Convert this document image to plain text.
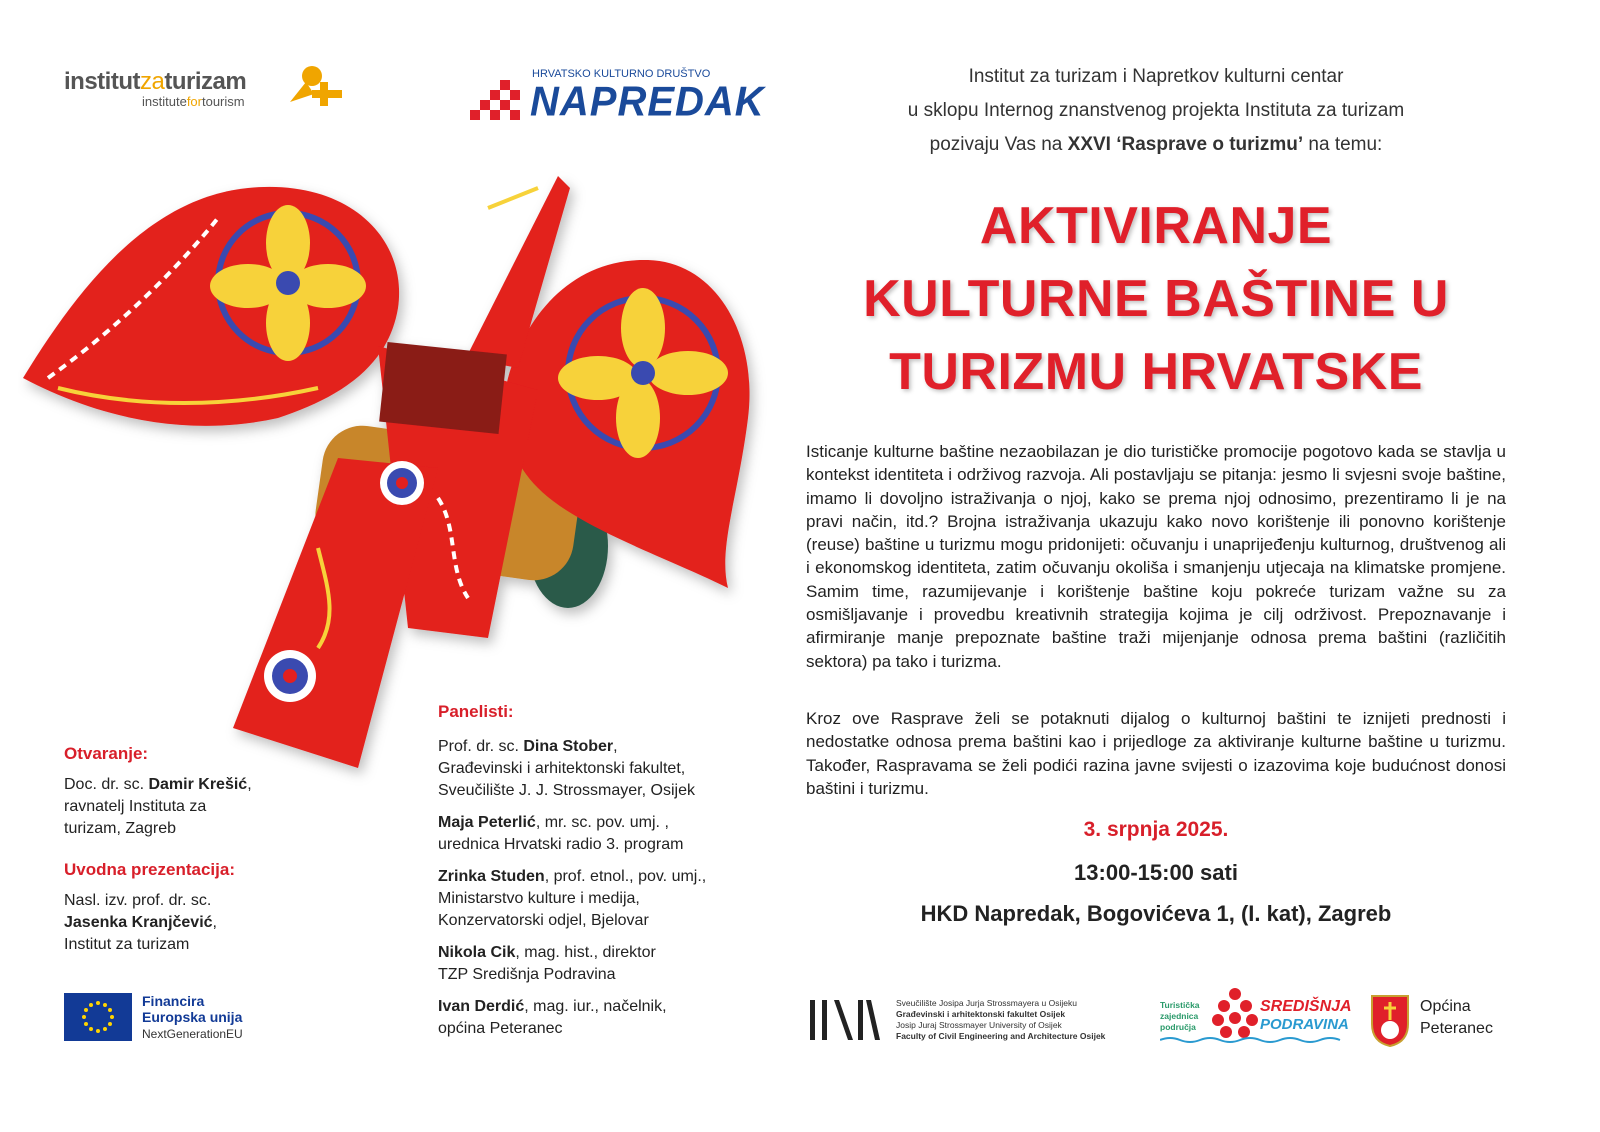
institutzaturizam
institutefortourism
HRVATSKO KULTURNO DRUŠTVO
NAPREDAK
Otvaranje:
Doc. dr. sc. Damir Krešić,
ravnatelj Instituta za
turizam, Zagreb
Uvodna prezentacija:
Nasl. izv. prof. dr. sc.
Jasenka Kranjčević,
Institut za turizam
Panelisti:
Prof. dr. sc. Dina Stober,
Građevinski i arhitektonski fakultet,
Sveučilište J. J. Strossmayer, Osijek
Maja Peterlić, mr. sc. pov. umj. ,
urednica Hrvatski radio 3. program
Zrinka Studen, prof. etnol., pov. umj.,
Ministarstvo kulture i medija,
Konzervatorski odjel, Bjelovar
Nikola Cik, mag. hist., direktor
TZP Središnja Podravina
Ivan Derdić, mag. iur., načelnik,
općina Peteranec
Financira
Europska unija
NextGenerationEU
Institut za turizam i Napretkov kulturni centar
u sklopu Internog znanstvenog projekta Instituta za turizam
pozivaju Vas na XXVI ‘Rasprave o turizmu’ na temu:
AKTIVIRANJE
KULTURNE BAŠTINE U
TURIZMU HRVATSKE
Isticanje kulturne baštine nezaobilazan je dio turističke promocije pogotovo kada se stavlja u kontekst identiteta i održivog razvoja. Ali postavljaju se pitanja: jesmo li svjesni svoje baštine, imamo li dovoljno istraživanja o njoj, kako se prema njoj odnosimo, prezentiramo li je na pravi način, itd.? Brojna istraživanja ukazuju kako novo korištenje ili ponovno korištenje (reuse) baštine u turizmu mogu pridonijeti: očuvanju i unaprijeđenju kulturnog, društvenog ali i ekonomskog identiteta, zatim očuvanju okoliša i smanjenju utjecaja na klimatske promjene. Samim time, razumijevanje i korištenje baštine koju pokreće turizam važne su za osmišljavanje i provedbu kreativnih strategija kojima je cilj održivost. Prepoznavanje i afirmiranje manje prepoznate baštine traži mijenjanje odnosa prema baštini (različitih sektora) pa tako i turizma.
Kroz ove Rasprave želi se potaknuti dijalog o kulturnoj baštini te iznijeti prednosti i nedostatke odnosa prema baštini kao i prijedloge za aktiviranje kulturne baštine u turizmu. Također, Raspravama se želi podići razina javne svijesti o izazovima koje budućnost donosi baštini i turizmu.
3. srpnja 2025.
13:00-15:00 sati
HKD Napredak, Bogovićeva 1, (I. kat), Zagreb
Sveučilište Josipa Jurja Strossmayera u Osijeku
Građevinski i arhitektonski fakultet Osijek
Josip Juraj Strossmayer University of Osijek
Faculty of Civil Engineering and Architecture Osijek
Turistička
zajednica
područja
SREDIŠNJA
PODRAVINA
Općina
Peteranec
